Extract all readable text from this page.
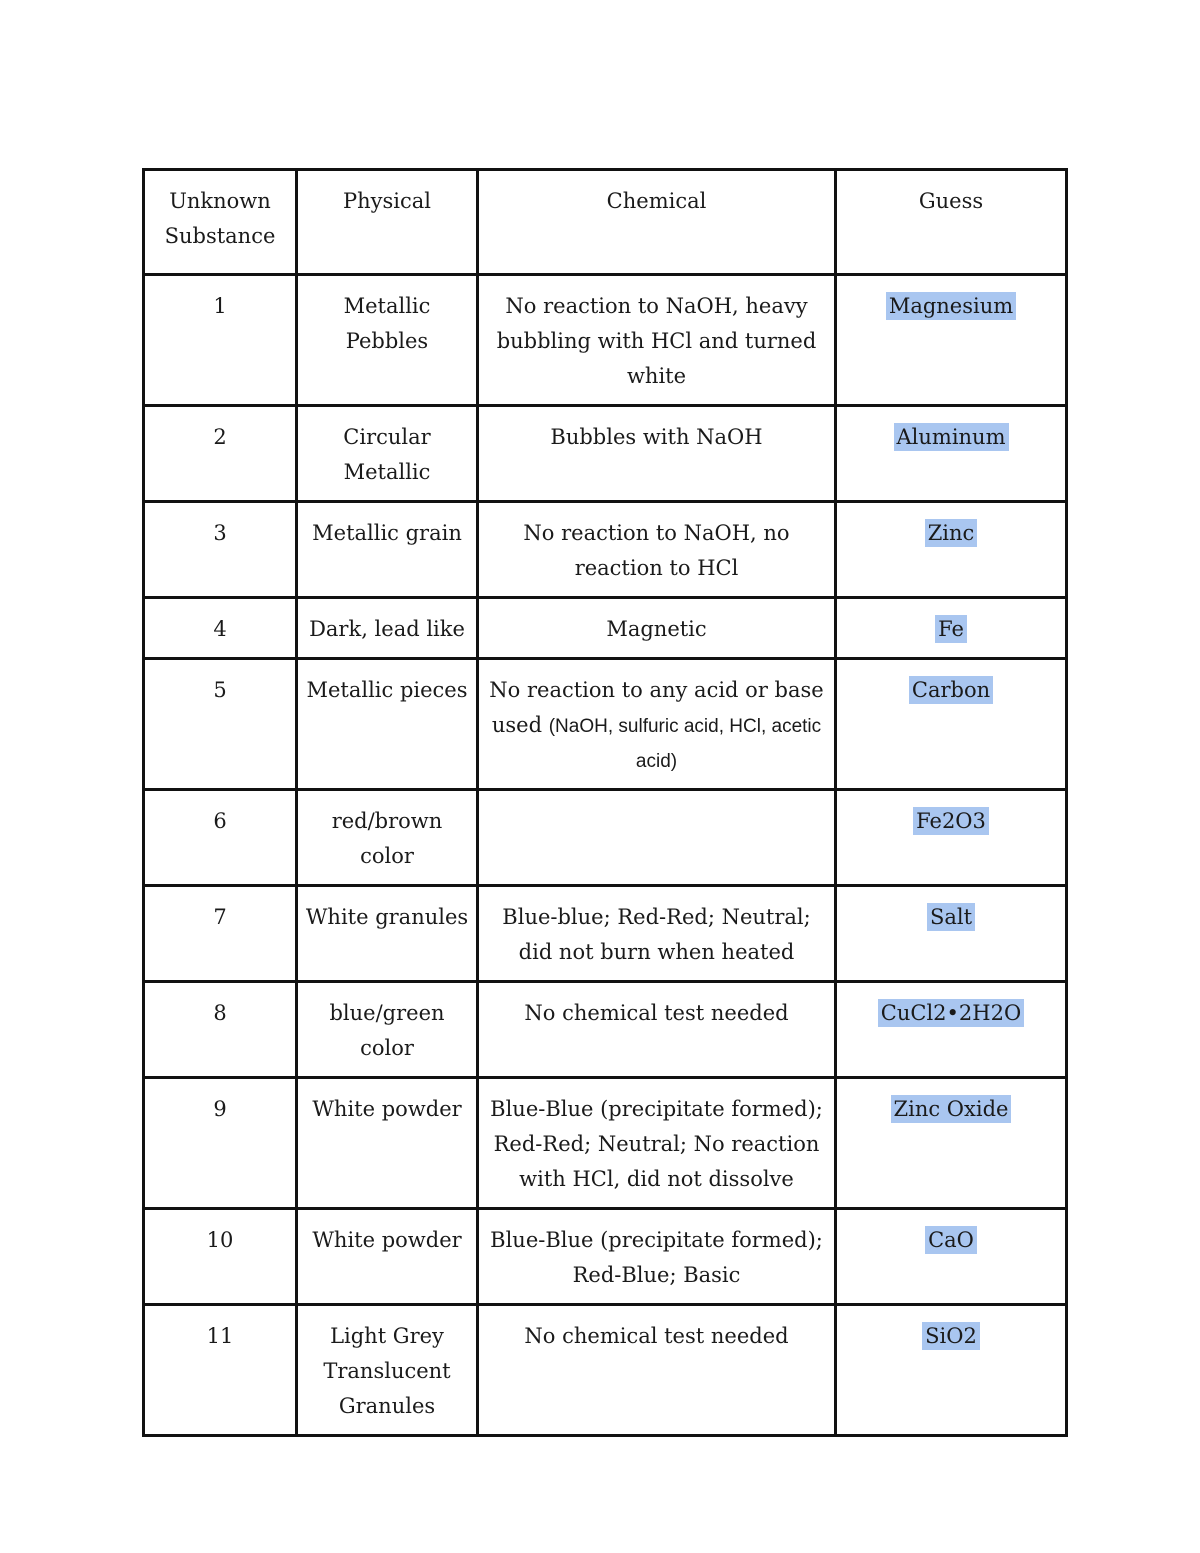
Unknown Substance	Physical	Chemical	Guess
1	Metallic Pebbles	No reaction to NaOH, heavy bubbling with HCl and turned white	Magnesium
2	Circular Metallic	Bubbles with NaOH	Aluminum
3	Metallic grain	No reaction to NaOH, no reaction to HCl	Zinc
4	Dark, lead like	Magnetic	Fe
5	Metallic pieces	No reaction to any acid or base used (NaOH, sulfuric acid, HCl, acetic acid)	Carbon
6	red/brown color		Fe2O3
7	White granules	Blue-blue; Red-Red; Neutral; did not burn when heated	Salt
8	blue/green color	No chemical test needed	CuCl2•2H2O
9	White powder	Blue-Blue (precipitate formed); Red-Red; Neutral; No reaction with HCl, did not dissolve	Zinc Oxide
10	White powder	Blue-Blue (precipitate formed); Red-Blue; Basic	CaO
11	Light Grey Translucent Granules	No chemical test needed	SiO2
